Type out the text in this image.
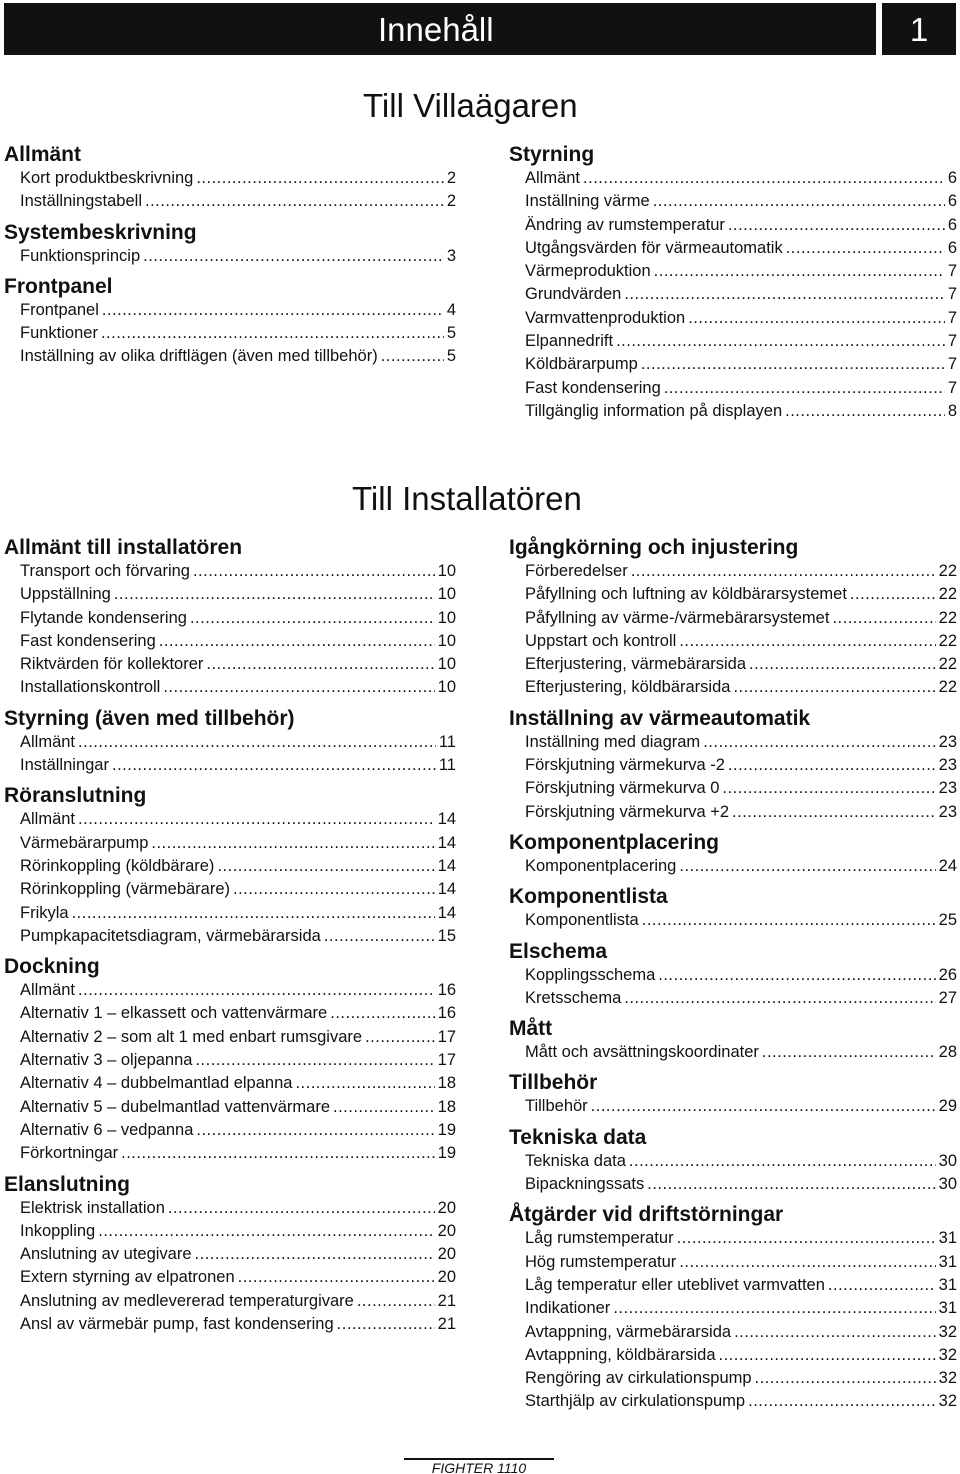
Innehåll	1
Till Villaägaren
Till Installatören
Allmänt
Kort produktbeskrivning .....	2
Inställningstabell .....	2
Systembeskrivning
Funktionsprincip .....	3
Frontpanel
Frontpanel .....	4
Funktioner .....	5
Inställning av olika driftlägen (även med tillbehör) .....	5
Styrning
Allmänt .....	6
Inställning värme .....	6
Ändring av rumstemperatur .....	6
Utgångsvärden för värmeautomatik .....	6
Värmeproduktion .....	7
Grundvärden .....	7
Varmvattenproduktion .....	7
Elpannedrift .....	7
Köldbärarpump .....	7
Fast kondensering .....	7
Tillgänglig information på displayen .....	8
Allmänt till installatören
Transport och förvaring .....	10
Uppställning .....	10
Flytande kondensering .....	10
Fast kondensering .....	10
Riktvärden för kollektorer .....	10
Installationskontroll .....	10
Styrning (även med tillbehör)
Allmänt .....	11
Inställningar .....	11
Röranslutning
Allmänt .....	14
Värmebärarpump .....	14
Rörinkoppling (köldbärare) .....	14
Rörinkoppling (värmebärare) .....	14
Frikyla .....	14
Pumpkapacitetsdiagram, värmebärarsida .....	15
Dockning
Allmänt .....	16
Alternativ 1 – elkassett och vattenvärmare .....	16
Alternativ 2 – som alt 1 med enbart rumsgivare .....	17
Alternativ 3 – oljepanna .....	17
Alternativ 4 – dubbelmantlad elpanna .....	18
Alternativ 5 – dubelmantlad vattenvärmare .....	18
Alternativ 6 – vedpanna .....	19
Förkortningar .....	19
Elanslutning
Elektrisk installation .....	20
Inkoppling .....	20
Anslutning av utegivare .....	20
Extern styrning av elpatronen .....	20
Anslutning av medlevererad temperaturgivare .....	21
Ansl av värmebär pump, fast kondensering .....	21
Igångkörning och injustering
Förberedelser .....	22
Påfyllning och luftning av köldbärarsystemet .....	22
Påfyllning av värme-/värmebärarsystemet .....	22
Uppstart och kontroll .....	22
Efterjustering, värmebärarsida .....	22
Efterjustering, köldbärarsida .....	22
Inställning av värmeautomatik
Inställning med diagram .....	23
Förskjutning värmekurva -2 .....	23
Förskjutning värmekurva 0 .....	23
Förskjutning värmekurva +2 .....	23
Komponentplacering
Komponentplacering .....	24
Komponentlista
Komponentlista .....	25
Elschema
Kopplingsschema .....	26
Kretsschema .....	27
Mått
Mått och avsättningskoordinater .....	28
Tillbehör
Tillbehör .....	29
Tekniska data
Tekniska data .....	30
Bipackningssats .....	30
Åtgärder vid driftstörningar
Låg rumstemperatur .....	31
Hög rumstemperatur .....	31
Låg temperatur eller uteblivet varmvatten .....	31
Indikationer .....	31
Avtappning, värmebärarsida .....	32
Avtappning, köldbärarsida .....	32
Rengöring av cirkulationspump .....	32
Starthjälp av cirkulationspump .....	32
FIGHTER 1110
